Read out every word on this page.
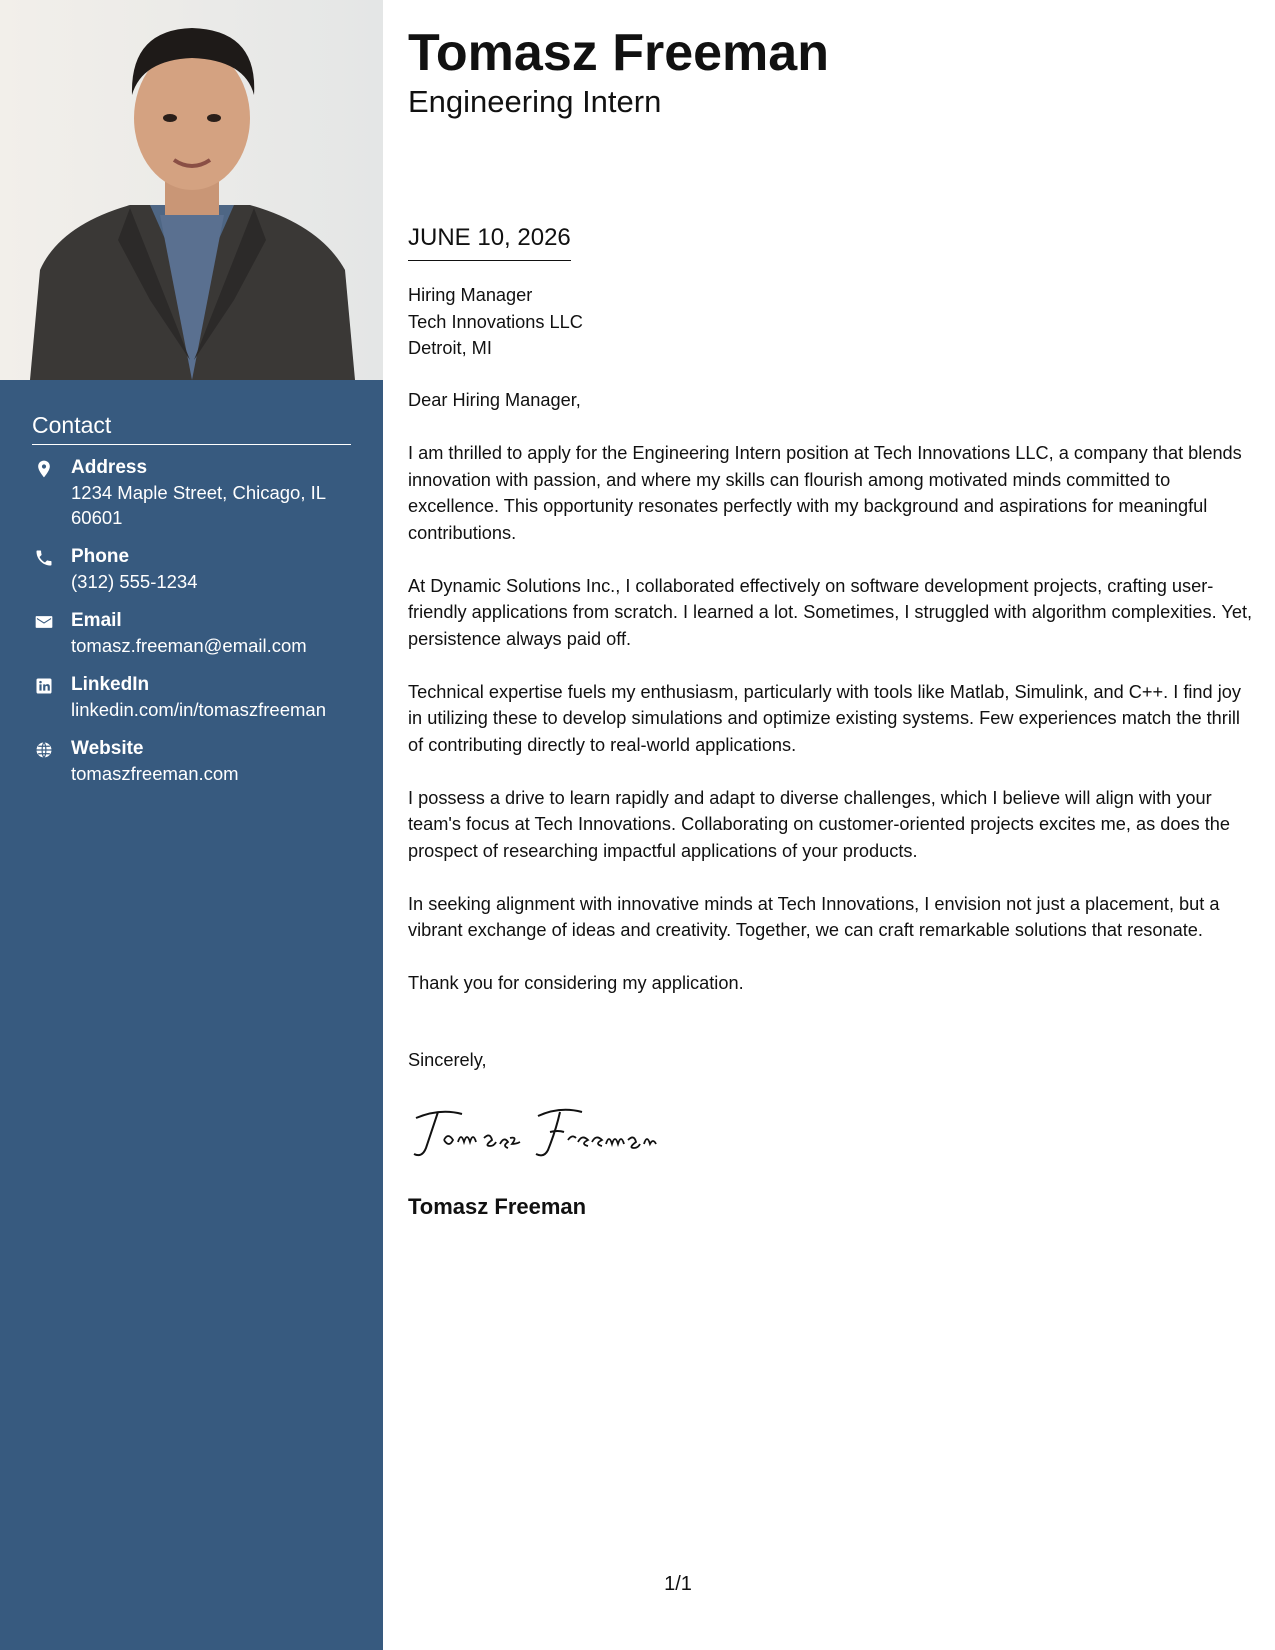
Contact
Address
1234 Maple Street, Chicago, IL 60601
Phone
(312) 555-1234
Email
tomasz.freeman@email.com
LinkedIn
linkedin.com/in/tomaszfreeman
Website
tomaszfreeman.com
Tomasz Freeman
Engineering Intern
JUNE 10, 2026
Hiring Manager
Tech Innovations LLC
Detroit, MI

Dear Hiring Manager,

I am thrilled to apply for the Engineering Intern position at Tech Innovations LLC, a company that blends innovation with passion, and where my skills can flourish among motivated minds committed to excellence. This opportunity resonates perfectly with my background and aspirations for meaningful contributions.

At Dynamic Solutions Inc., I collaborated effectively on software development projects, crafting user-friendly applications from scratch. I learned a lot. Sometimes, I struggled with algorithm complexities. Yet, persistence always paid off.

Technical expertise fuels my enthusiasm, particularly with tools like Matlab, Simulink, and C++. I find joy in utilizing these to develop simulations and optimize existing systems. Few experiences match the thrill of contributing directly to real-world applications.

I possess a drive to learn rapidly and adapt to diverse challenges, which I believe will align with your team's focus at Tech Innovations. Collaborating on customer-oriented projects excites me, as does the prospect of researching impactful applications of your products.

In seeking alignment with innovative minds at Tech Innovations, I envision not just a placement, but a vibrant exchange of ideas and creativity. Together, we can craft remarkable solutions that resonate.

Thank you for considering my application.

Sincerely,
Tomasz Freeman
1/1
